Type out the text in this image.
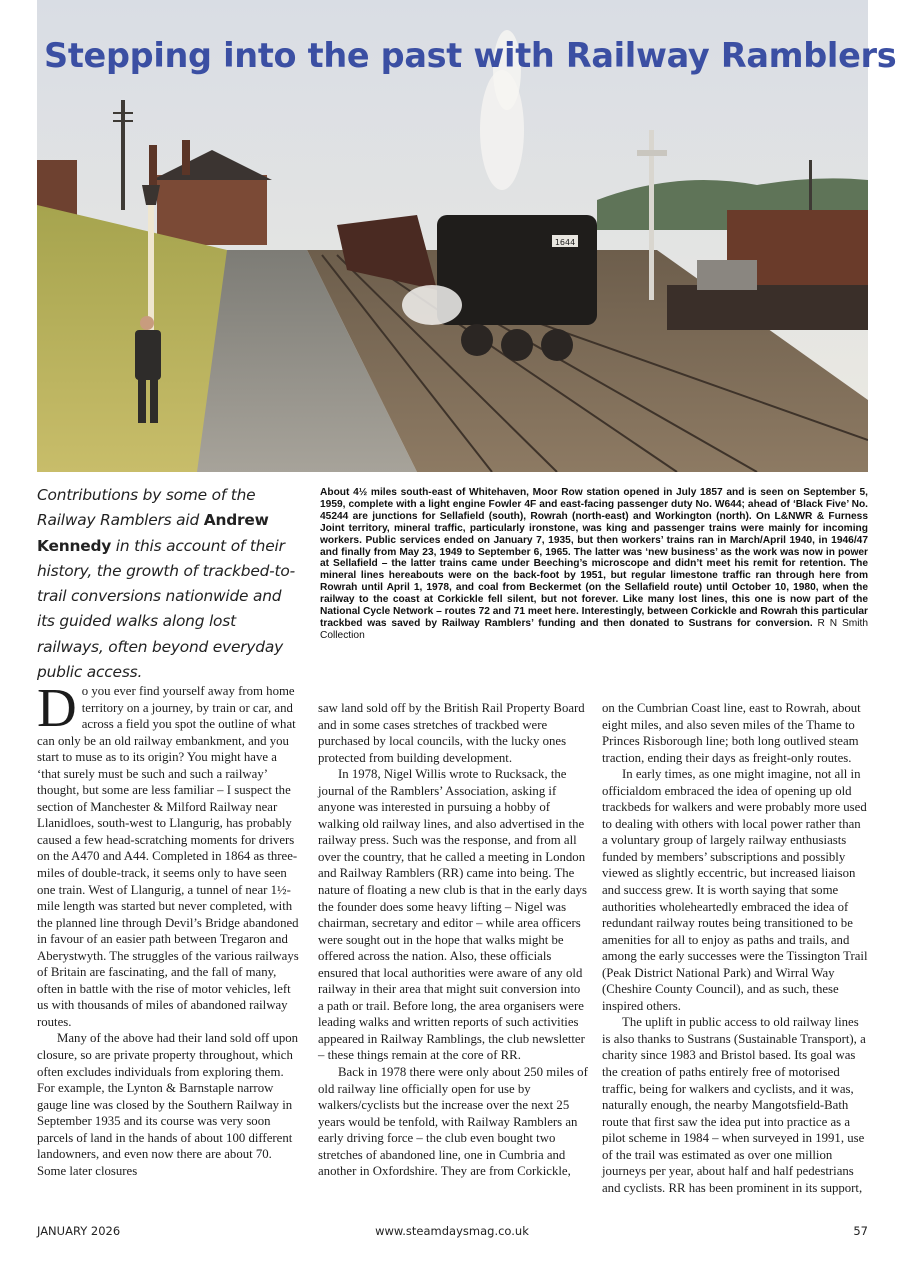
1644
Stepping into the past with Railway Ramblers
Contributions by some of the Railway Ramblers aid Andrew Kennedy in this account of their history, the growth of trackbed-to-trail conversions nationwide and its guided walks along lost railways, often beyond everyday public access.
About 4½ miles south-east of Whitehaven, Moor Row station opened in July 1857 and is seen on September 5, 1959, complete with a light engine Fowler 4F and east-facing passenger duty No. W644; ahead of ‘Black Five’ No. 45244 are junctions for Sellafield (south), Rowrah (north-east) and Workington (north). On L&NWR & Furness Joint territory, mineral traffic, particularly ironstone, was king and passenger trains were mainly for incoming workers. Public services ended on January 7, 1935, but then workers’ trains ran in March/April 1940, in 1946/47 and finally from May 23, 1949 to September 6, 1965. The latter was ‘new business’ as the work was now in power at Sellafield – the latter trains came under Beeching’s microscope and didn’t meet his remit for retention. The mineral lines hereabouts were on the back-foot by 1951, but regular limestone traffic ran through here from Rowrah until April 1, 1978, and coal from Beckermet (on the Sellafield route) until October 10, 1980, when the railway to the coast at Corkickle fell silent, but not forever. Like many lost lines, this one is now part of the National Cycle Network – routes 72 and 71 meet here. Interestingly, between Corkickle and Rowrah this particular trackbed was saved by Railway Ramblers’ funding and then donated to Sustrans for conversion. R N Smith Collection

Do you ever find yourself away from home territory on a journey, by train or car, and across a field you spot the outline of what can only be an old railway embankment, and you start to muse as to its origin? You might have a ‘that surely must be such and such a railway’ thought, but some are less familiar – I suspect the section of Manchester & Milford Railway near Llanidloes, south-west to Llangurig, has probably caused a few head-scratching moments for drivers on the A470 and A44. Completed in 1864 as three-miles of double-track, it seems only to have seen one train. West of Llangurig, a tunnel of near 1½-mile length was started but never completed, with the planned line through Devil’s Bridge abandoned in favour of an easier path between Tregaron and Aberystwyth. The struggles of the various railways of Britain are fascinating, and the fall of many, often in battle with the rise of motor vehicles, left us with thousands of miles of abandoned railway routes.

Many of the above had their land sold off upon closure, so are private property throughout, which often excludes individuals from exploring them. For example, the Lynton & Barnstaple narrow gauge line was closed by the Southern Railway in September 1935 and its course was very soon parcels of land in the hands of about 100 different landowners, and even now there are about 70. Some later closures

saw land sold off by the British Rail Property Board and in some cases stretches of trackbed were purchased by local councils, with the lucky ones protected from building development.

In 1978, Nigel Willis wrote to Rucksack, the journal of the Ramblers’ Association, asking if anyone was interested in pursuing a hobby of walking old railway lines, and also advertised in the railway press. Such was the response, and from all over the country, that he called a meeting in London and Railway Ramblers (RR) came into being. The nature of floating a new club is that in the early days the founder does some heavy lifting – Nigel was chairman, secretary and editor – while area officers were sought out in the hope that walks might be offered across the nation. Also, these officials ensured that local authorities were aware of any old railway in their area that might suit conversion into a path or trail. Before long, the area organisers were leading walks and written reports of such activities appeared in Railway Ramblings, the club newsletter – these things remain at the core of RR.

Back in 1978 there were only about 250 miles of old railway line officially open for use by walkers/cyclists but the increase over the next 25 years would be tenfold, with Railway Ramblers an early driving force – the club even bought two stretches of abandoned line, one in Cumbria and another in Oxfordshire. They are from Corkickle,

on the Cumbrian Coast line, east to Rowrah, about eight miles, and also seven miles of the Thame to Princes Risborough line; both long outlived steam traction, ending their days as freight-only routes.

In early times, as one might imagine, not all in officialdom embraced the idea of opening up old trackbeds for walkers and were probably more used to dealing with others with local power rather than a voluntary group of largely railway enthusiasts funded by members’ subscriptions and possibly viewed as slightly eccentric, but increased liaison and success grew. It is worth saying that some authorities wholeheartedly embraced the idea of redundant railway routes being transitioned to be amenities for all to enjoy as paths and trails, and among the early successes were the Tissington Trail (Peak District National Park) and Wirral Way (Cheshire County Council), and as such, these inspired others.

The uplift in public access to old railway lines is also thanks to Sustrans (Sustainable Transport), a charity since 1983 and Bristol based. Its goal was the creation of paths entirely free of motorised traffic, being for walkers and cyclists, and it was, naturally enough, the nearby Mangotsfield-Bath route that first saw the idea put into practice as a pilot scheme in 1984 – when surveyed in 1991, use of the trail was estimated as over one million journeys per year, about half and half pedestrians and cyclists. RR has been prominent in its support,

JANUARY 2026	www.steamdaysmag.co.uk	57
